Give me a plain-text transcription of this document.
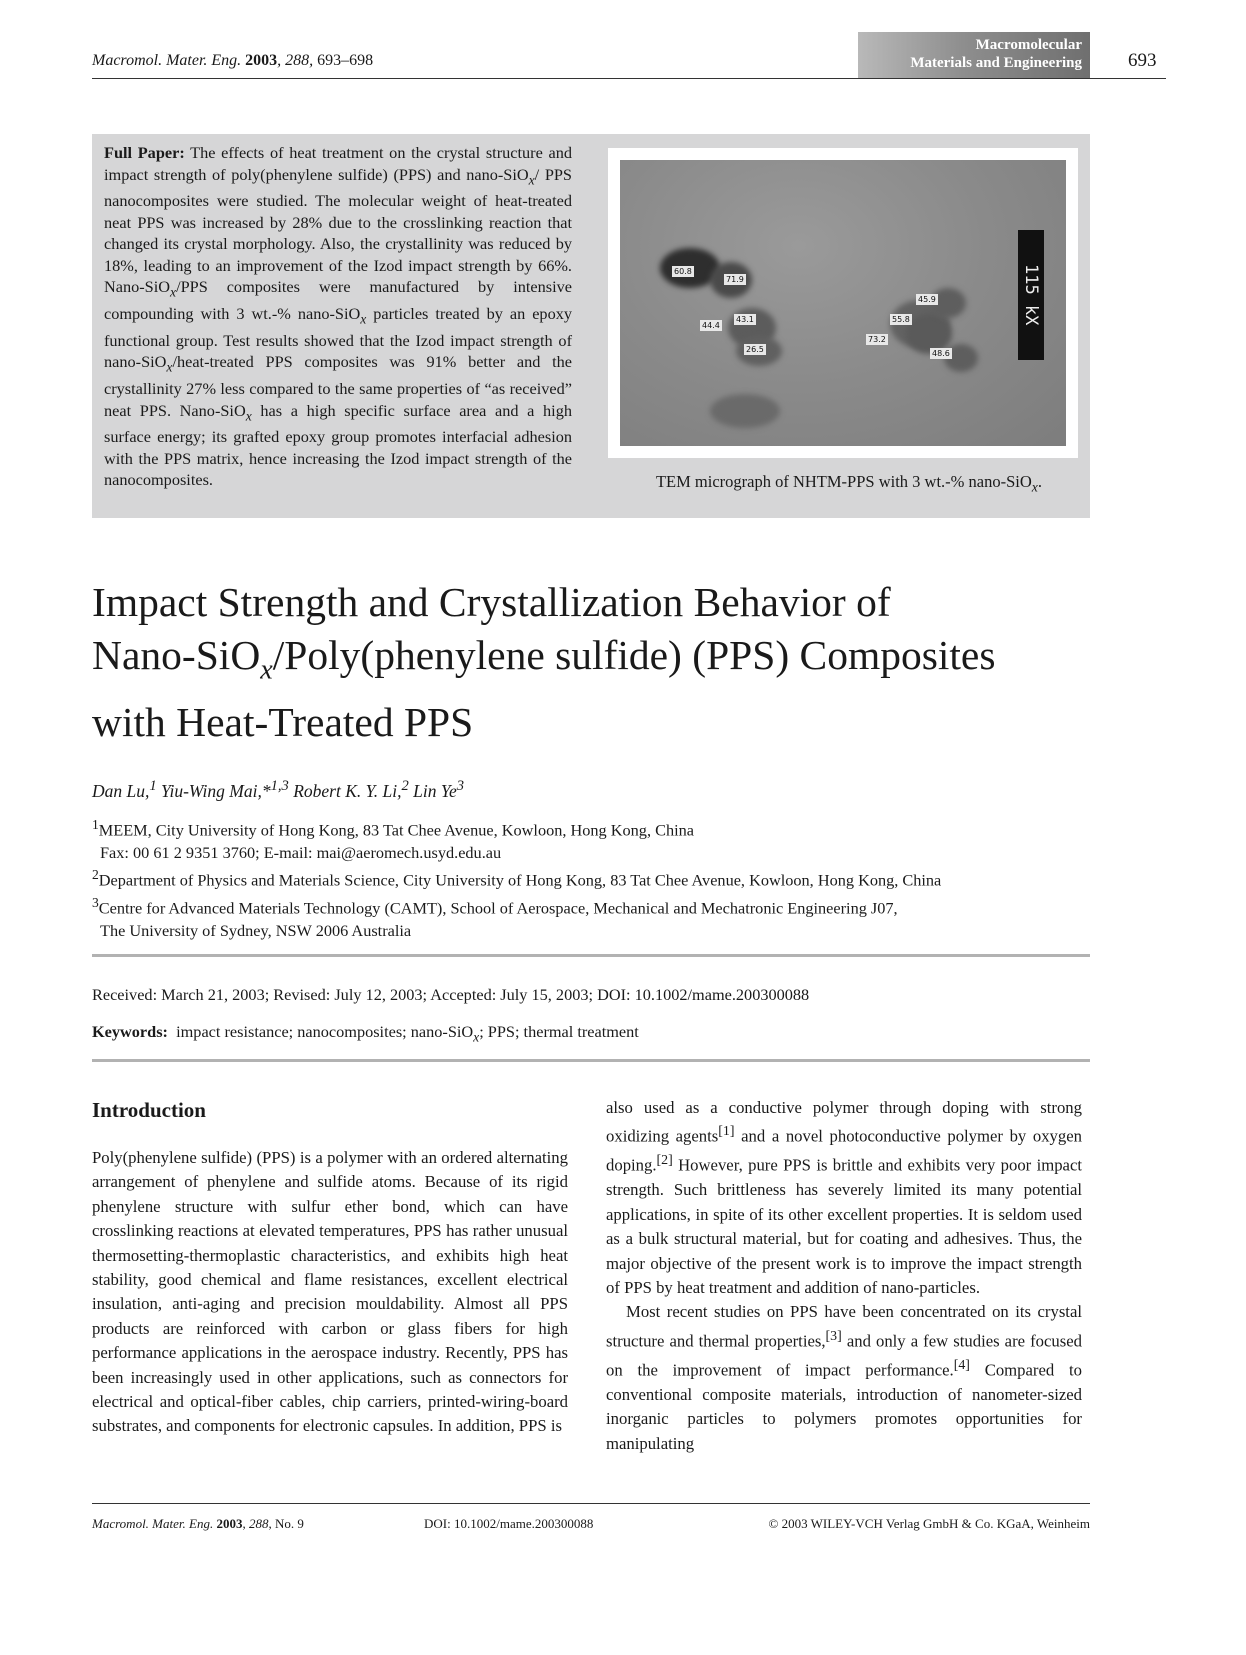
Macromol. Mater. Eng. 2003, 288, 693–698
Macromolecular
Materials and Engineering 693
Full Paper: The effects of heat treatment on the crystal structure and impact strength of poly(phenylene sulfide) (PPS) and nano-SiO$_x$/ PPS nanocomposites were studied. The molecular weight of heat-treated neat PPS was increased by 28% due to the crosslinking reaction that changed its crystal morphology. Also, the crystallinity was reduced by 18%, leading to an improvement of the Izod impact strength by 66%. Nano-SiO$_x$/PPS composites were manufactured by intensive compounding with 3 wt.-% nano-SiO$_x$ particles treated by an epoxy functional group. Test results showed that the Izod impact strength of nano-SiO$_x$/heat-treated PPS composites was 91% better and the crystallinity 27% less compared to the same properties of “as received” neat PPS. Nano-SiO$_x$ has a high specific surface area and a high surface energy; its grafted epoxy group promotes interfacial adhesion with the PPS matrix, hence increasing the Izod impact strength of the nanocomposites.
60.8
71.9
44.4
43.1
26.5
45.9
55.8
73.2
48.6
115 kX
TEM micrograph of NHTM-PPS with 3 wt.-% nano-SiO$_x$.
Impact Strength and Crystallization Behavior of
Nano-SiO$_x$/Poly(phenylene sulfide) (PPS) Composites
with Heat-Treated PPS
Dan Lu,$^1$ Yiu-Wing Mai,*$^{1,3}$ Robert K. Y. Li,$^2$ Lin Ye$^3$

$^1$MEEM, City University of Hong Kong, 83 Tat Chee Avenue, Kowloon, Hong Kong, China

Fax: 00 61 2 9351 3760; E-mail: mai@aeromech.usyd.edu.au

$^2$Department of Physics and Materials Science, City University of Hong Kong, 83 Tat Chee Avenue, Kowloon, Hong Kong, China

$^3$Centre for Advanced Materials Technology (CAMT), School of Aerospace, Mechanical and Mechatronic Engineering J07,

The University of Sydney, NSW 2006 Australia

Received: March 21, 2003; Revised: July 12, 2003; Accepted: July 15, 2003; DOI: 10.1002/mame.200300088
Keywords:  impact resistance; nanocomposites; nano-SiO$_x$; PPS; thermal treatment
Introduction

Poly(phenylene sulfide) (PPS) is a polymer with an ordered alternating arrangement of phenylene and sulfide atoms. Because of its rigid phenylene structure with sulfur ether bond, which can have crosslinking reactions at elevated temperatures, PPS has rather unusual thermosetting-thermoplastic characteristics, and exhibits high heat stability, good chemical and flame resistances, excellent electrical insulation, anti-aging and precision mouldability. Almost all PPS products are reinforced with carbon or glass fibers for high performance applications in the aerospace industry. Recently, PPS has been increasingly used in other applications, such as connectors for electrical and optical-fiber cables, chip carriers, printed-wiring-board substrates, and components for electronic capsules. In addition, PPS is

also used as a conductive polymer through doping with strong oxidizing agents[1] and a novel photoconductive polymer by oxygen doping.[2] However, pure PPS is brittle and exhibits very poor impact strength. Such brittleness has severely limited its many potential applications, in spite of its other excellent properties. It is seldom used as a bulk structural material, but for coating and adhesives. Thus, the major objective of the present work is to improve the impact strength of PPS by heat treatment and addition of nano-particles.

Most recent studies on PPS have been concentrated on its crystal structure and thermal properties,[3] and only a few studies are focused on the improvement of impact performance.[4] Compared to conventional composite materials, introduction of nanometer-sized inorganic particles to polymers promotes opportunities for manipulating

Macromol. Mater. Eng. 2003, 288, No. 9	DOI: 10.1002/mame.200300088	© 2003 WILEY-VCH Verlag GmbH & Co. KGaA, Weinheim
